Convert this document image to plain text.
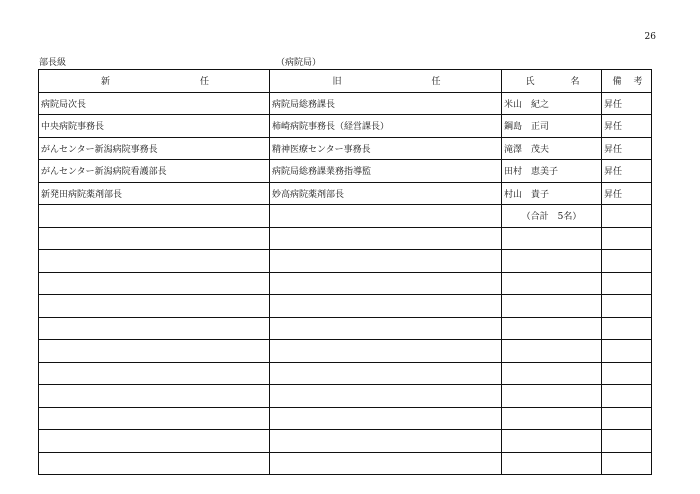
26
部長級	（病院局）
新 任	旧 任	氏 名	備 考
病院局次長	病院局総務課長	米山　紀之	昇任
中央病院事務長	柿崎病院事務長（経営課長）	鋼島　正司	昇任
がんセンター新潟病院事務長	精神医療センター事務長	滝澤　茂夫	昇任
がんセンター新潟病院看護部長	病院局総務課業務指導監	田村　恵美子	昇任
新発田病院薬剤部長	妙高病院薬剤部長	村山　貴子	昇任
		（合計　5名）	
